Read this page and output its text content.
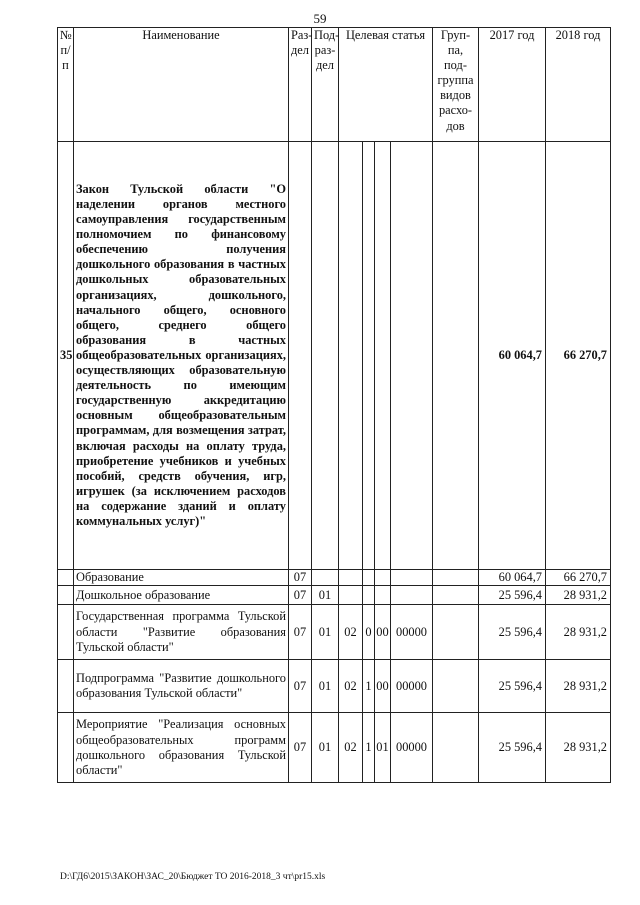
59
№ п/п	Наименование	Раз-дел	Под-раз-дел	Целевая статья				Груп-па, под-группа видов расхо-дов	2017 год	2018 год
35	Закон Тульской области "О наделении органов местного самоуправления государственным полномочием по финансовому обеспечению получения дошкольного образования в частных дошкольных образовательных организациях, дошкольного, начального общего, основного общего, среднего общего образования в частных общеобразовательных организациях, осуществляющих образовательную деятельность по имеющим государственную аккредитацию основным общеобразовательным программам, для возмещения затрат, включая расходы на оплату труда, приобретение учебников и учебных пособий, средств обучения, игр, игрушек (за исключением расходов на содержание зданий и оплату коммунальных услуг)"								60 064,7	66 270,7
	Образование	07							60 064,7	66 270,7
	Дошкольное образование	07	01						25 596,4	28 931,2
	Государственная программа Тульской области "Развитие образования Тульской области"	07	01	02	0	00	00000		25 596,4	28 931,2
	Подпрограмма "Развитие дошкольного образования Тульской области"	07	01	02	1	00	00000		25 596,4	28 931,2
	Мероприятие "Реализация основных общеобразовательных программ дошкольного образования Тульской области"	07	01	02	1	01	00000		25 596,4	28 931,2
D:\ГД6\2015\ЗАКОН\ЗАС_20\Бюджет ТО 2016-2018_3 чт\pr15.xls
